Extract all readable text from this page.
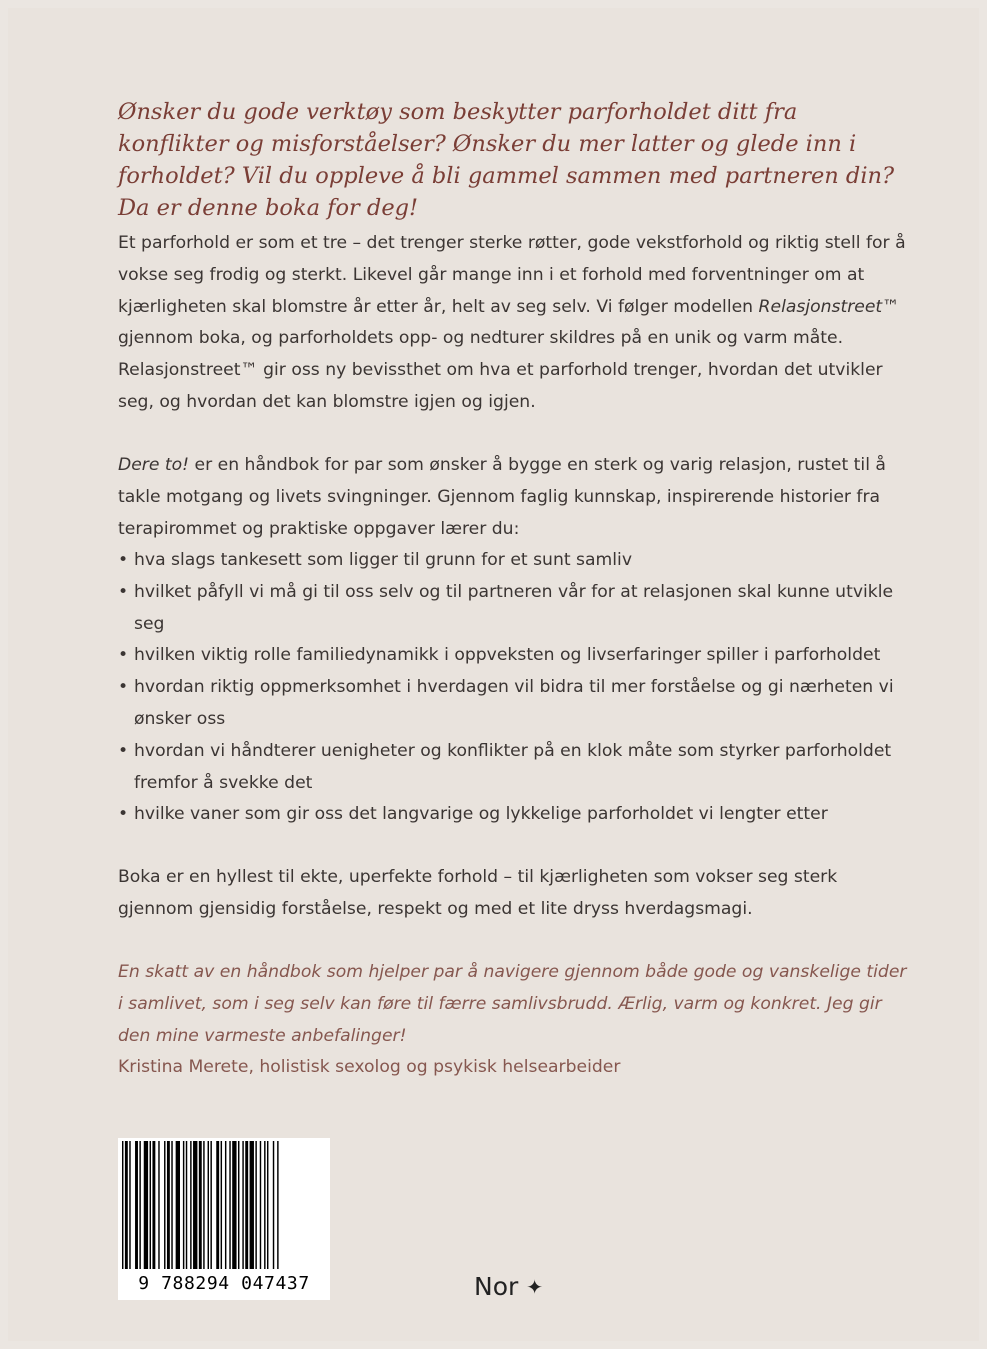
Ønsker du gode verktøy som beskytter parforholdet ditt fra konflikter og misforståelser? Ønsker du mer latter og glede inn i forholdet? Vil du oppleve å bli gammel sammen med partneren din? Da er denne boka for deg!

Et parforhold er som et tre – det trenger sterke røtter, gode vekstforhold og riktig stell for å vokse seg frodig og sterkt. Likevel går mange inn i et forhold med forventninger om at kjærligheten skal blomstre år etter år, helt av seg selv. Vi følger modellen Relasjonstreet™ gjennom boka, og parforholdets opp- og nedturer skildres på en unik og varm måte. Relasjonstreet™ gir oss ny bevissthet om hva et parforhold trenger, hvordan det utvikler seg, og hvordan det kan blomstre igjen og igjen.

Dere to! er en håndbok for par som ønsker å bygge en sterk og varig relasjon, rustet til å takle motgang og livets svingninger. Gjennom faglig kunnskap, inspirerende historier fra terapirommet og praktiske oppgaver lærer du:

• hva slags tankesett som ligger til grunn for et sunt samliv
• hvilket påfyll vi må gi til oss selv og til partneren vår for at relasjonen skal kunne utvikle seg
• hvilken viktig rolle familiedynamikk i oppveksten og livserfaringer spiller i parforholdet
• hvordan riktig oppmerksomhet i hverdagen vil bidra til mer forståelse og gi nærheten vi ønsker oss
• hvordan vi håndterer uenigheter og konflikter på en klok måte som styrker parforholdet fremfor å svekke det
• hvilke vaner som gir oss det langvarige og lykkelige parforholdet vi lengter etter

Boka er en hyllest til ekte, uperfekte forhold – til kjærligheten som vokser seg sterk gjennom gjensidig forståelse, respekt og med et lite dryss hverdagsmagi.

En skatt av en håndbok som hjelper par å navigere gjennom både gode og vanskelige tider i samlivet, som i seg selv kan føre til færre samlivsbrudd. Ærlig, varm og konkret. Jeg gir den mine varmeste anbefalinger!

Kristina Merete, holistisk sexolog og psykisk helsearbeider

9 788294 047437	Nor ✦
